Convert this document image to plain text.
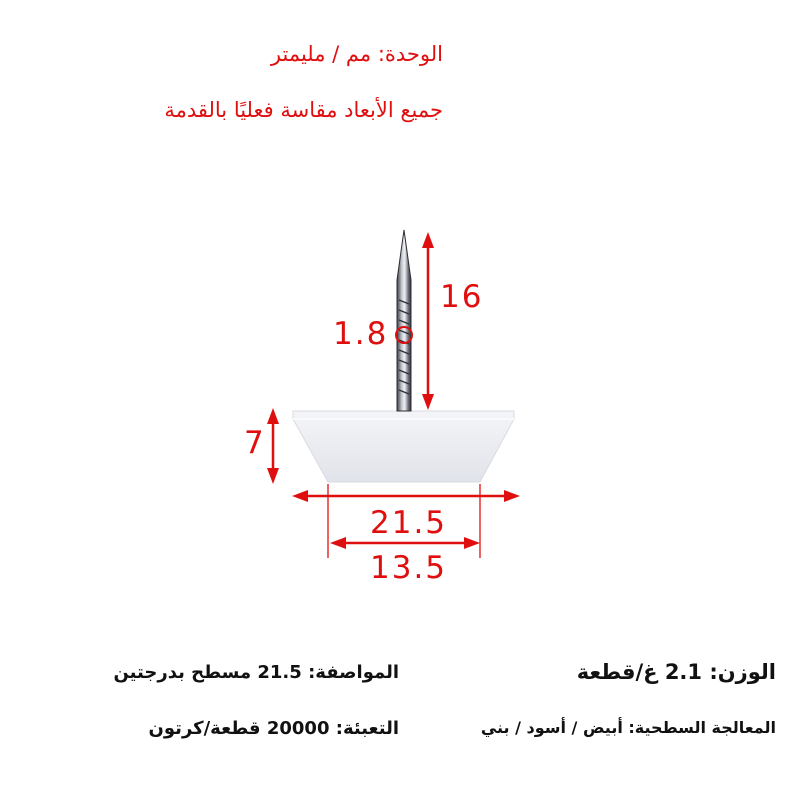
الوحدة: مم / مليمتر
جميع الأبعاد مقاسة فعليًا بالقدمة
16
1.8
7
21.5
13.5
الوزن: 2.1 غ/قطعة
المواصفة: 21.5 مسطح بدرجتين
المعالجة السطحية: أبيض / أسود / بني
التعبئة: 20000 قطعة/كرتون
